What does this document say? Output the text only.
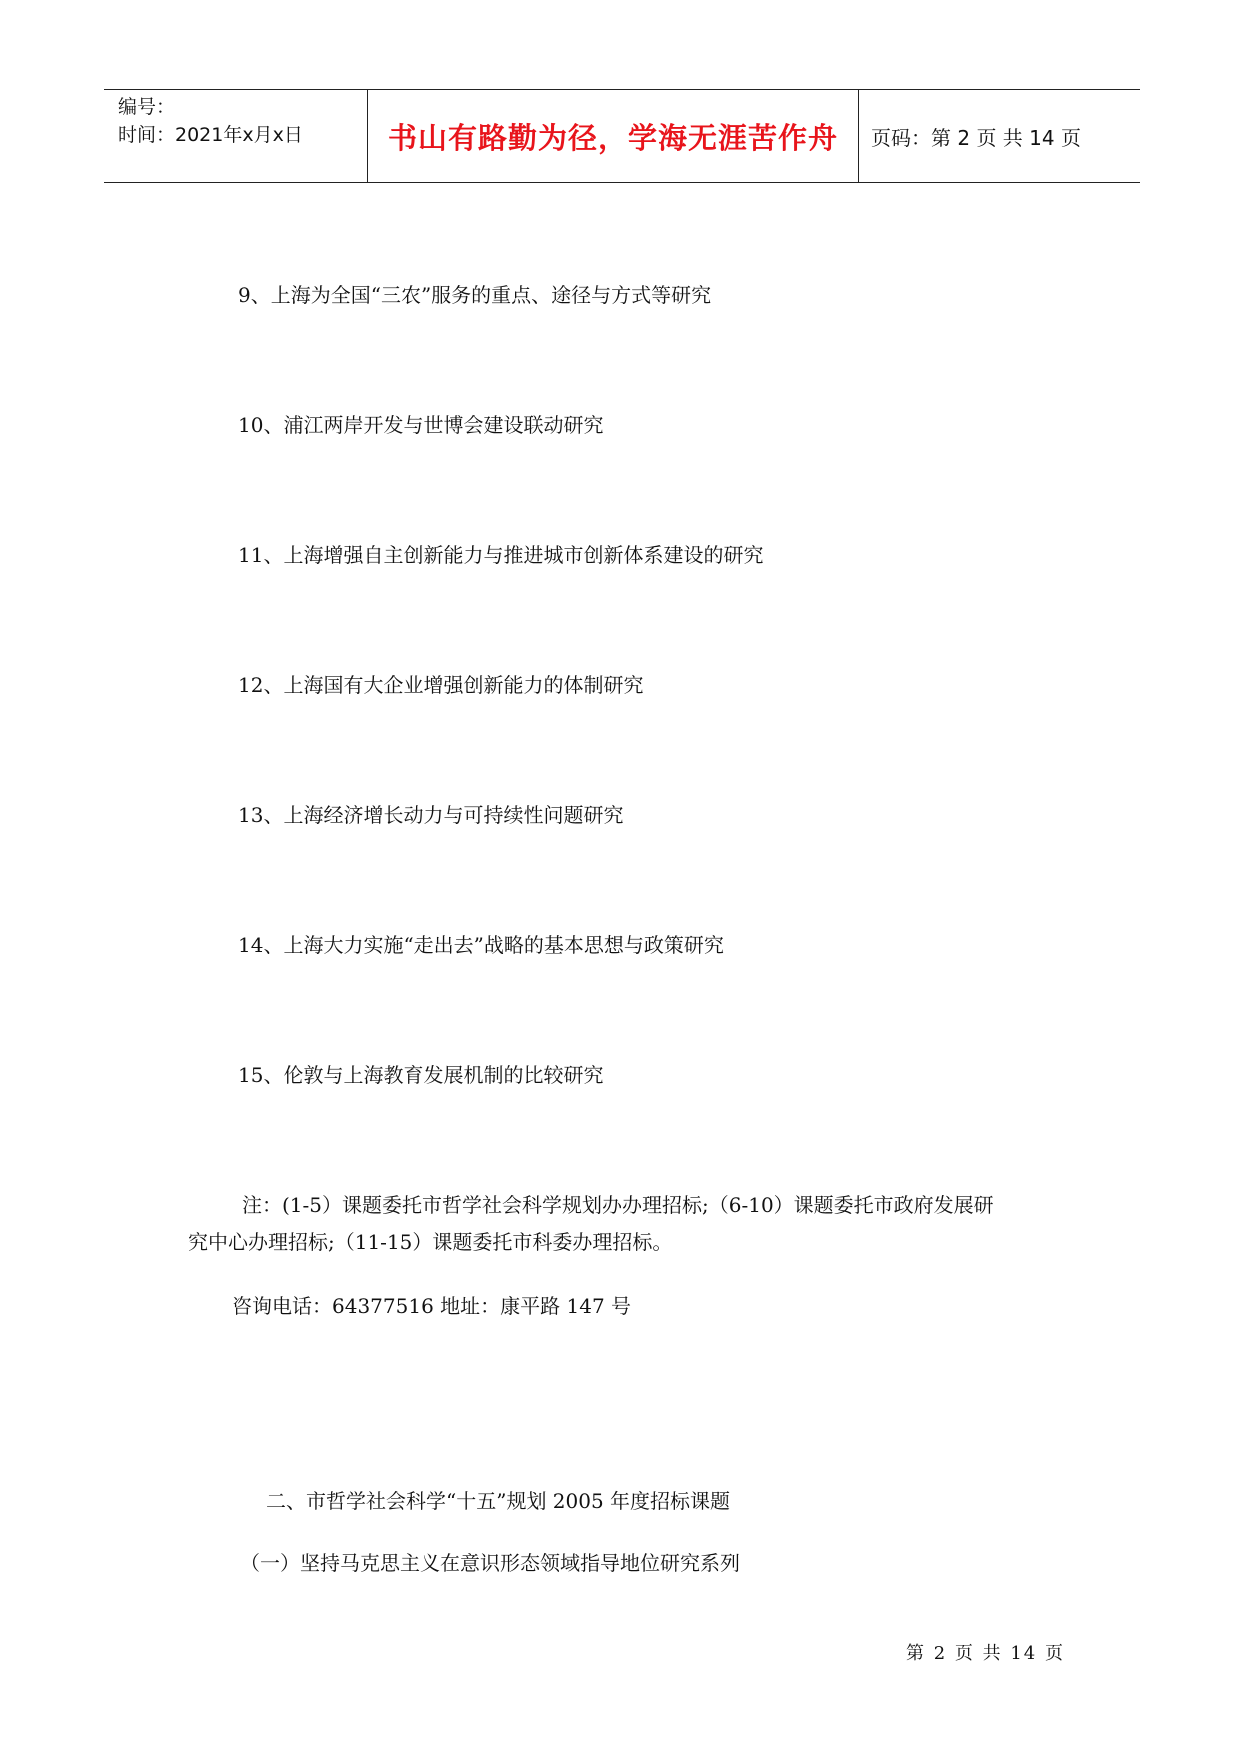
编号：
时间：2021年x月x日	书山有路勤为径，学海无涯苦作舟 页码：第 2 页 共 14 页
9、上海为全国“三农”服务的重点、途径与方式等研究
10、浦江两岸开发与世博会建设联动研究
11、上海增强自主创新能力与推进城市创新体系建设的研究
12、上海国有大企业增强创新能力的体制研究
13、上海经济增长动力与可持续性问题研究
14、上海大力实施“走出去”战略的基本思想与政策研究
15、伦敦与上海教育发展机制的比较研究
注：(1-5）课题委托市哲学社会科学规划办办理招标;（6-10）课题委托市政府发展研
究中心办理招标;（11-15）课题委托市科委办理招标。
咨询电话：64377516 地址：康平路 147 号
二、市哲学社会科学“十五”规划 2005 年度招标课题
（一）坚持马克思主义在意识形态领域指导地位研究系列
第 2 页 共 14 页
